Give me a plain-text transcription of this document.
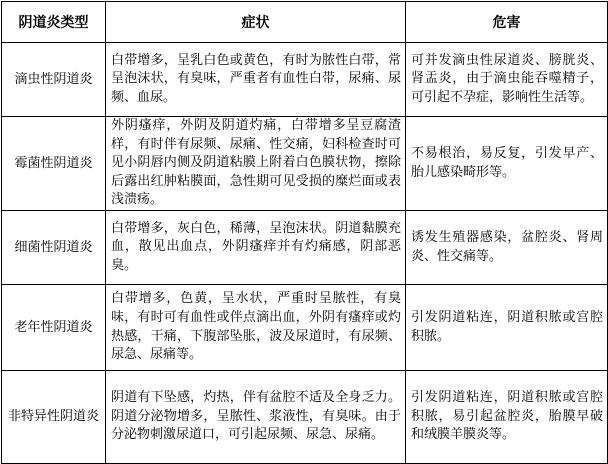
阴道炎类型	症状	危害
滴虫性阴道炎	白带增多，呈乳白色或黄色，有时为脓性白带，常呈泡沫状，有臭味，严重者有血性白带，尿痛、尿频、血尿。	可并发滴虫性尿道炎、膀胱炎、肾盂炎，由于滴虫能吞噬精子，可引起不孕症，影响性生活等。
霉菌性阴道炎	外阴瘙痒，外阴及阴道灼痛，白带增多呈豆腐渣样，有时伴有尿频、尿痛、性交痛，妇科检查时可见小阴唇内侧及阴道粘膜上附着白色膜状物，擦除后露出红肿粘膜面，急性期可见受损的糜烂面或表浅溃疡。	不易根治，易反复，引发早产、胎儿感染畸形等。
细菌性阴道炎	白带增多，灰白色，稀薄，呈泡沫状。阴道黏膜充血，散见出血点，外阴瘙痒并有灼痛感，阴部恶臭。	诱发生殖器感染，盆腔炎、肾周炎、性交痛等。
老年性阴道炎	白带增多，色黄，呈水状，严重时呈脓性，有臭味，有时可有血性或伴点滴出血，外阴有瘙痒或灼热感，干痛，下腹部坠胀，波及尿道时，有尿频、尿急、尿痛等。	引发阴道粘连，阴道积脓或宫腔积脓。
非特异性阴道炎	阴道有下坠感，灼热，伴有盆腔不适及全身乏力。阴道分泌物增多，呈脓性、浆液性，有臭味。由于分泌物刺激尿道口，可引起尿频、尿急、尿痛。	引发阴道粘连，阴道积脓或宫腔积脓，易引起盆腔炎，胎膜早破和绒膜羊膜炎等。
